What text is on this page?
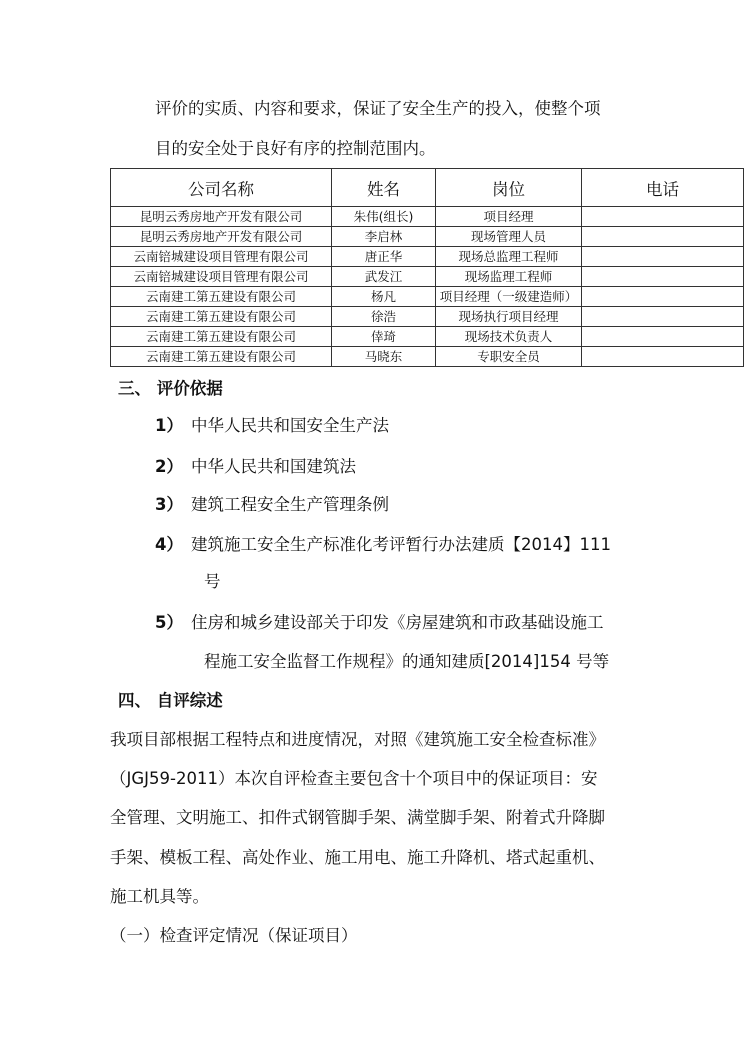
评价的实质、内容和要求，保证了安全生产的投入，使整个项
目的安全处于良好有序的控制范围内。
公司名称	姓名	岗位	电话
昆明云秀房地产开发有限公司	朱伟(组长)	项目经理	
昆明云秀房地产开发有限公司	李启林	现场管理人员	
云南锫城建设项目管理有限公司	唐正华	现场总监理工程师	
云南锫城建设项目管理有限公司	武发江	现场监理工程师	
云南建工第五建设有限公司	杨凡	项目经理（一级建造师）	
云南建工第五建设有限公司	徐浩	现场执行项目经理	
云南建工第五建设有限公司	倖琦	现场技术负责人	
云南建工第五建设有限公司	马晓东	专职安全员	
三、 评价依据
1） 中华人民共和国安全生产法
2） 中华人民共和国建筑法
3） 建筑工程安全生产管理条例
4） 建筑施工安全生产标准化考评暂行办法建质【2014】111
号
5） 住房和城乡建设部关于印发《房屋建筑和市政基础设施工
程施工安全监督工作规程》的通知建质[2014]154 号等
四、 自评综述
我项目部根据工程特点和进度情况，对照《建筑施工安全检查标准》
（JGJ59-2011）本次自评检查主要包含十个项目中的保证项目：安
全管理、文明施工、扣件式钢管脚手架、满堂脚手架、附着式升降脚
手架、模板工程、高处作业、施工用电、施工升降机、塔式起重机、
施工机具等。
（一）检查评定情况（保证项目）
